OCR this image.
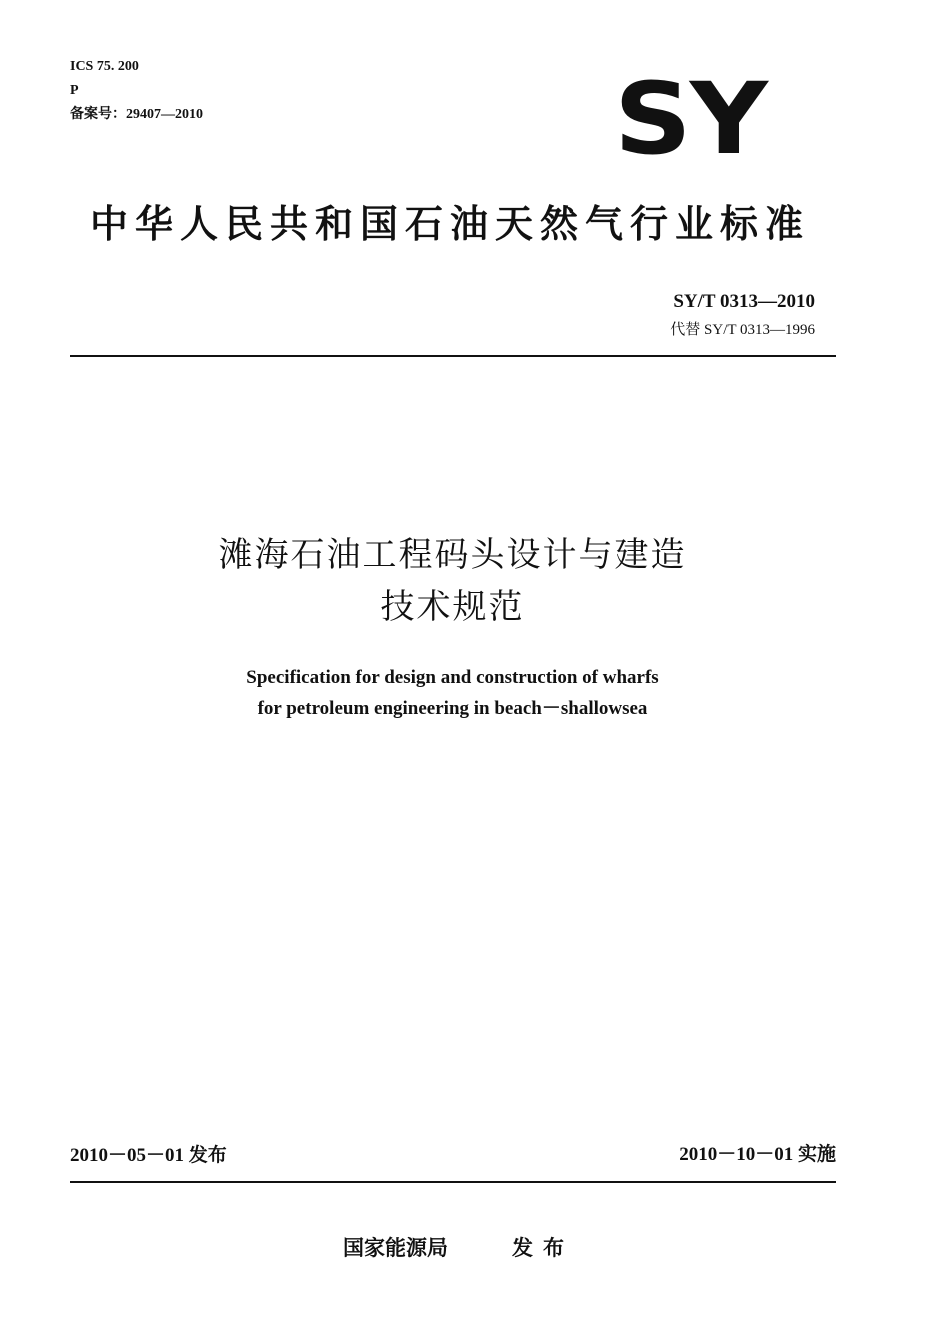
ICS 75. 200
P
备案号：29407—2010	SY
中华人民共和国石油天然气行业标准
SY/T 0313—2010
代替 SY/T 0313—1996
滩海石油工程码头设计与建造
技术规范
Specification for design and construction of wharfs
for petroleum engineering in beach－shallowsea
2010－05－01 发布	2010－10－01 实施
国家能源局	发布
